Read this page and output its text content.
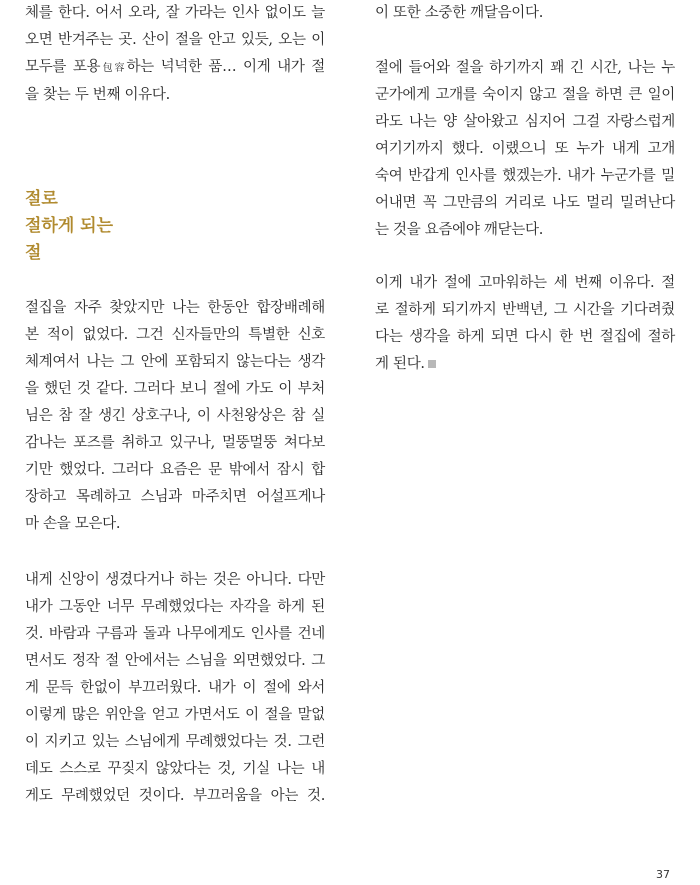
체를 한다. 어서 오라, 잘 가라는 인사 없이도 늘
오면 반겨주는 곳. 산이 절을 안고 있듯, 오는 이
모두를 포용包容하는 넉넉한 품… 이게 내가 절
을 찾는 두 번째 이유다.

절로
절하게 되는
절

절집을 자주 찾았지만 나는 한동안 합장배례해
본 적이 없었다. 그건 신자들만의 특별한 신호
체계여서 나는 그 안에 포함되지 않는다는 생각
을 했던 것 같다. 그러다 보니 절에 가도 이 부처
님은 참 잘 생긴 상호구나, 이 사천왕상은 참 실
감나는 포즈를 취하고 있구나, 멀뚱멀뚱 쳐다보
기만 했었다. 그러다 요즘은 문 밖에서 잠시 합
장하고 목례하고 스님과 마주치면 어설프게나
마 손을 모은다.

내게 신앙이 생겼다거나 하는 것은 아니다. 다만
내가 그동안 너무 무례했었다는 자각을 하게 된
것. 바람과 구름과 돌과 나무에게도 인사를 건네
면서도 정작 절 안에서는 스님을 외면했었다. 그
게 문득 한없이 부끄러웠다. 내가 이 절에 와서
이렇게 많은 위안을 얻고 가면서도 이 절을 말없
이 지키고 있는 스님에게 무례했었다는 것. 그런
데도 스스로 꾸짖지 않았다는 것, 기실 나는 내
게도 무례했었던 것이다. 부끄러움을 아는 것.

이 또한 소중한 깨달음이다.

절에 들어와 절을 하기까지 꽤 긴 시간, 나는 누
군가에게 고개를 숙이지 않고 절을 하면 큰 일이
라도 나는 양 살아왔고 심지어 그걸 자랑스럽게
여기기까지 했다. 이랬으니 또 누가 내게 고개
숙여 반갑게 인사를 했겠는가. 내가 누군가를 밀
어내면 꼭 그만큼의 거리로 나도 멀리 밀려난다
는 것을 요즘에야 깨닫는다.

이게 내가 절에 고마워하는 세 번째 이유다. 절
로 절하게 되기까지 반백년, 그 시간을 기다려줬
다는 생각을 하게 되면 다시 한 번 절집에 절하
게 된다.

37
